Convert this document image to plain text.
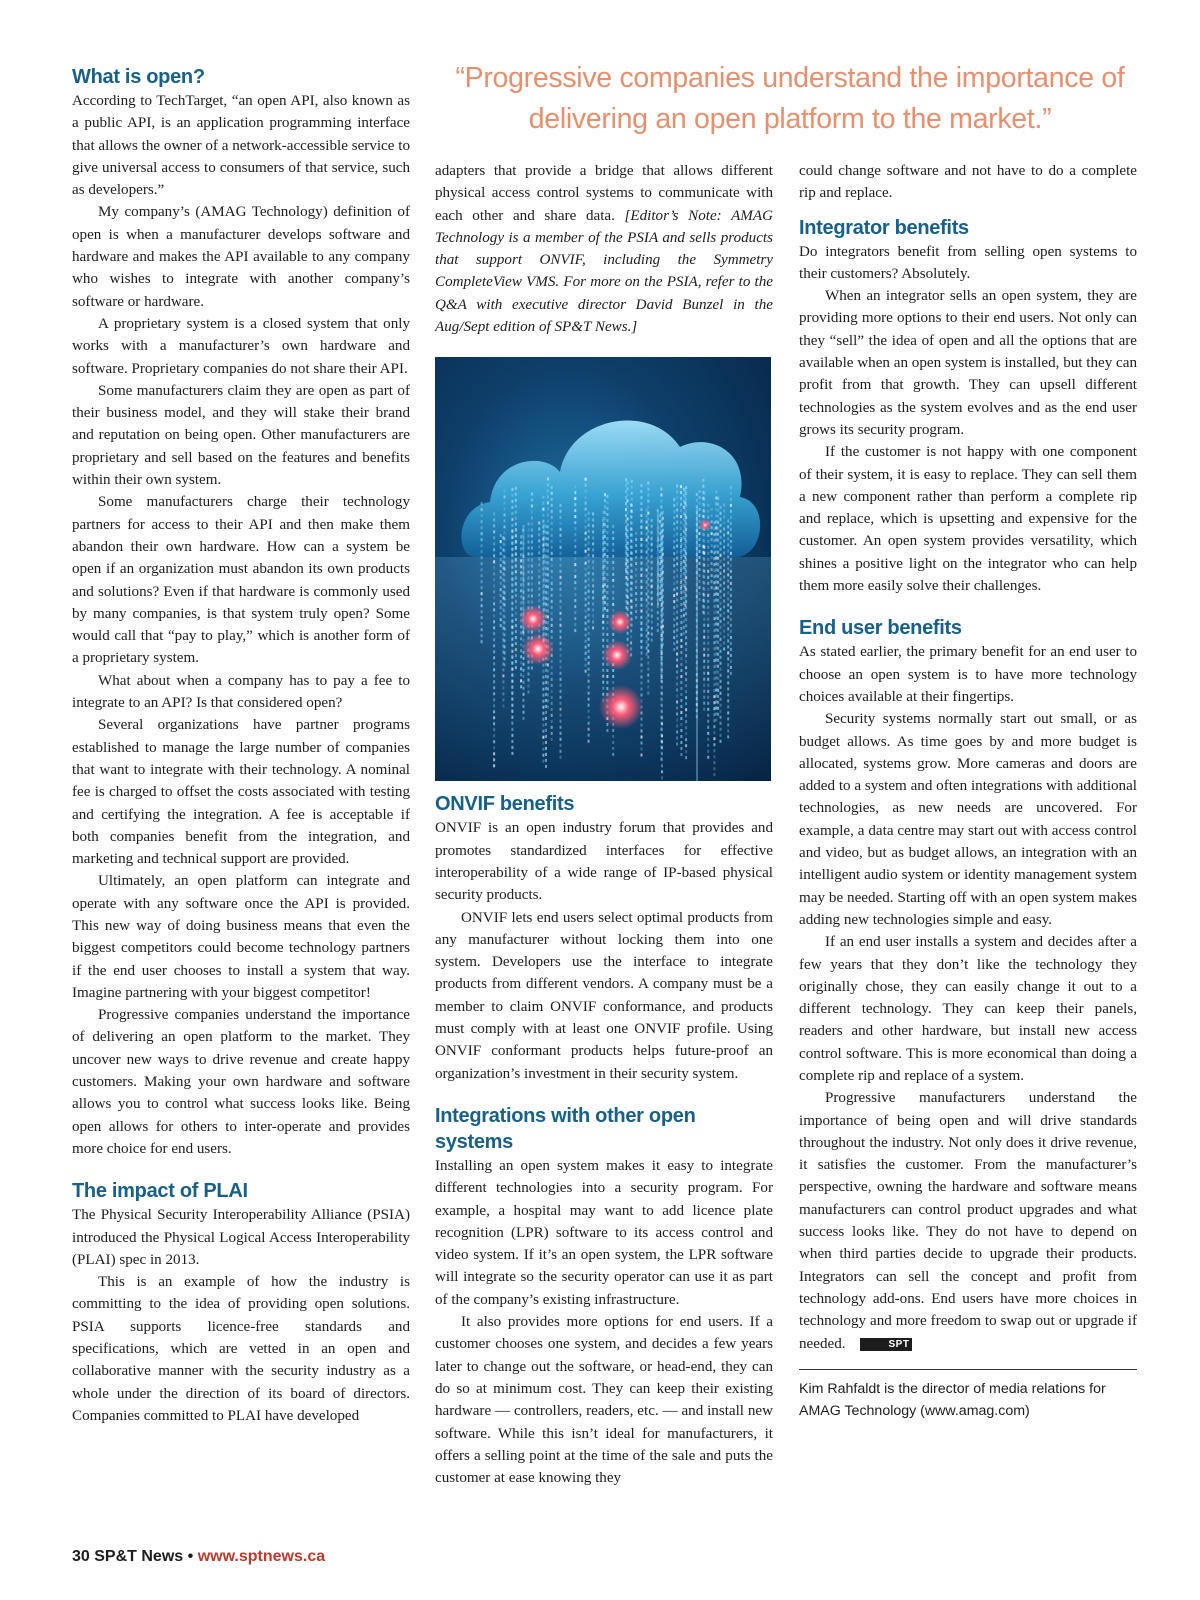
“Progressive companies understand the importance of delivering an open platform to the market.”
What is open?

According to TechTarget, “an open API, also known as a public API, is an application programming interface that allows the owner of a network-accessible service to give universal access to consumers of that service, such as developers.”

My company’s (AMAG Technology) definition of open is when a manufacturer develops software and hardware and makes the API available to any company who wishes to integrate with another company’s software or hardware.

A proprietary system is a closed system that only works with a manufacturer’s own hardware and software. Proprietary companies do not share their API.

Some manufacturers claim they are open as part of their business model, and they will stake their brand and reputation on being open. Other manufacturers are proprietary and sell based on the features and benefits within their own system.

Some manufacturers charge their technology partners for access to their API and then make them abandon their own hardware. How can a system be open if an organization must abandon its own products and solutions? Even if that hardware is commonly used by many companies, is that system truly open? Some would call that “pay to play,” which is another form of a proprietary system.

What about when a company has to pay a fee to integrate to an API? Is that considered open?

Several organizations have partner programs established to manage the large number of companies that want to integrate with their technology. A nominal fee is charged to offset the costs associated with testing and certifying the integration. A fee is acceptable if both companies benefit from the integration, and marketing and technical support are provided.

Ultimately, an open platform can integrate and operate with any software once the API is provided. This new way of doing business means that even the biggest competitors could become technology partners if the end user chooses to install a system that way. Imagine partnering with your biggest competitor!

Progressive companies understand the importance of delivering an open platform to the market. They uncover new ways to drive revenue and create happy customers. Making your own hardware and software allows you to control what success looks like. Being open allows for others to inter-operate and provides more choice for end users.

The impact of PLAI

The Physical Security Interoperability Alliance (PSIA) introduced the Physical Logical Access Interoperability (PLAI) spec in 2013.

This is an example of how the industry is committing to the idea of providing open solutions. PSIA supports licence-free standards and specifications, which are vetted in an open and collaborative manner with the security industry as a whole under the direction of its board of directors. Companies committed to PLAI have developed

adapters that provide a bridge that allows different physical access control systems to communicate with each other and share data. [Editor’s Note: AMAG Technology is a member of the PSIA and sells products that support ONVIF, including the Symmetry CompleteView VMS. For more on the PSIA, refer to the Q&A with executive director David Bunzel in the Aug/Sept edition of SP&T News.]

ONVIF benefits

ONVIF is an open industry forum that provides and promotes standardized interfaces for effective interoperability of a wide range of IP-based physical security products.

ONVIF lets end users select optimal products from any manufacturer without locking them into one system. Developers use the interface to integrate products from different vendors. A company must be a member to claim ONVIF conformance, and products must comply with at least one ONVIF profile. Using ONVIF conformant products helps future-proof an organization’s investment in their security system.

Integrations with other open systems

Installing an open system makes it easy to integrate different technologies into a security program. For example, a hospital may want to add licence plate recognition (LPR) software to its access control and video system. If it’s an open system, the LPR software will integrate so the security operator can use it as part of the company’s existing infrastructure.

It also provides more options for end users. If a customer chooses one system, and decides a few years later to change out the software, or head-end, they can do so at minimum cost. They can keep their existing hardware — controllers, readers, etc. — and install new software. While this isn’t ideal for manufacturers, it offers a selling point at the time of the sale and puts the customer at ease knowing they

could change software and not have to do a complete rip and replace.

Integrator benefits

Do integrators benefit from selling open systems to their customers? Absolutely.

When an integrator sells an open system, they are providing more options to their end users. Not only can they “sell” the idea of open and all the options that are available when an open system is installed, but they can profit from that growth. They can upsell different technologies as the system evolves and as the end user grows its security program.

If the customer is not happy with one component of their system, it is easy to replace. They can sell them a new component rather than perform a complete rip and replace, which is upsetting and expensive for the customer. An open system provides versatility, which shines a positive light on the integrator who can help them more easily solve their challenges.

End user benefits

As stated earlier, the primary benefit for an end user to choose an open system is to have more technology choices available at their fingertips.

Security systems normally start out small, or as budget allows. As time goes by and more budget is allocated, systems grow. More cameras and doors are added to a system and often integrations with additional technologies, as new needs are uncovered. For example, a data centre may start out with access control and video, but as budget allows, an integration with an intelligent audio system or identity management system may be needed. Starting off with an open system makes adding new technologies simple and easy.

If an end user installs a system and decides after a few years that they don’t like the technology they originally chose, they can easily change it out to a different technology. They can keep their panels, readers and other hardware, but install new access control software. This is more economical than doing a complete rip and replace of a system.

Progressive manufacturers understand the importance of being open and will drive standards throughout the industry. Not only does it drive revenue, it satisfies the customer. From the manufacturer’s perspective, owning the hardware and software means manufacturers can control product upgrades and what success looks like. They do not have to depend on when third parties decide to upgrade their products. Integrators can sell the concept and profit from technology add-ons. End users have more choices in technology and more freedom to swap out or upgrade if needed.	SPT

Kim Rahfaldt is the director of media relations for AMAG Technology (www.amag.com)
30 SP&T News • www.sptnews.ca
